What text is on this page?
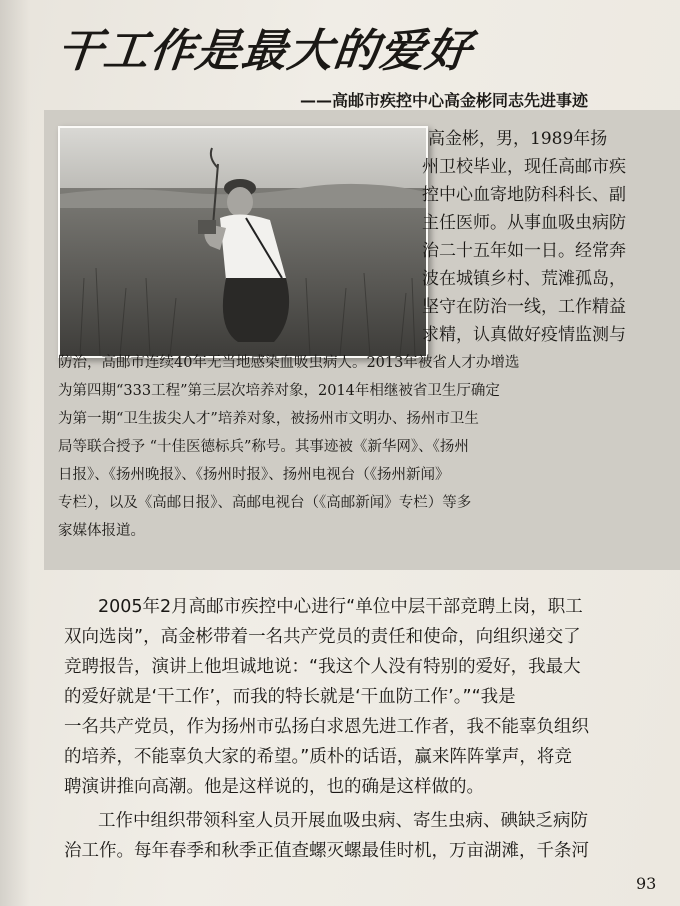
干工作是最大的爱好
——高邮市疾控中心高金彬同志先进事迹
高金彬，男，1989年扬
州卫校毕业，现任高邮市疾
控中心血寄地防科科长、副
主任医师。从事血吸虫病防
治二十五年如一日。经常奔
波在城镇乡村、荒滩孤岛，
坚守在防治一线，工作精益
求精，认真做好疫情监测与
防治，高邮市连续40年无当地感染血吸虫病人。2013年被省人才办增选
为第四期“333工程”第三层次培养对象，2014年相继被省卫生厅确定
为第一期“卫生拔尖人才”培养对象，被扬州市文明办、扬州市卫生
局等联合授予 “十佳医德标兵”称号。其事迹被《新华网》、《扬州
日报》、《扬州晚报》、《扬州时报》、扬州电视台（《扬州新闻》
专栏），以及《高邮日报》、高邮电视台（《高邮新闻》专栏）等多
家媒体报道。
2005年2月高邮市疾控中心进行“单位中层干部竞聘上岗，职工
双向选岗”，高金彬带着一名共产党员的责任和使命，向组织递交了
竞聘报告，演讲上他坦诚地说：“我这个人没有特别的爱好，我最大
的爱好就是‘干工作’，而我的特长就是‘干血防工作’。”“我是
一名共产党员，作为扬州市弘扬白求恩先进工作者，我不能辜负组织
的培养，不能辜负大家的希望。”质朴的话语，赢来阵阵掌声，将竞
聘演讲推向高潮。他是这样说的，也的确是这样做的。
工作中组织带领科室人员开展血吸虫病、寄生虫病、碘缺乏病防
治工作。每年春季和秋季正值查螺灭螺最佳时机，万亩湖滩，千条河
93
